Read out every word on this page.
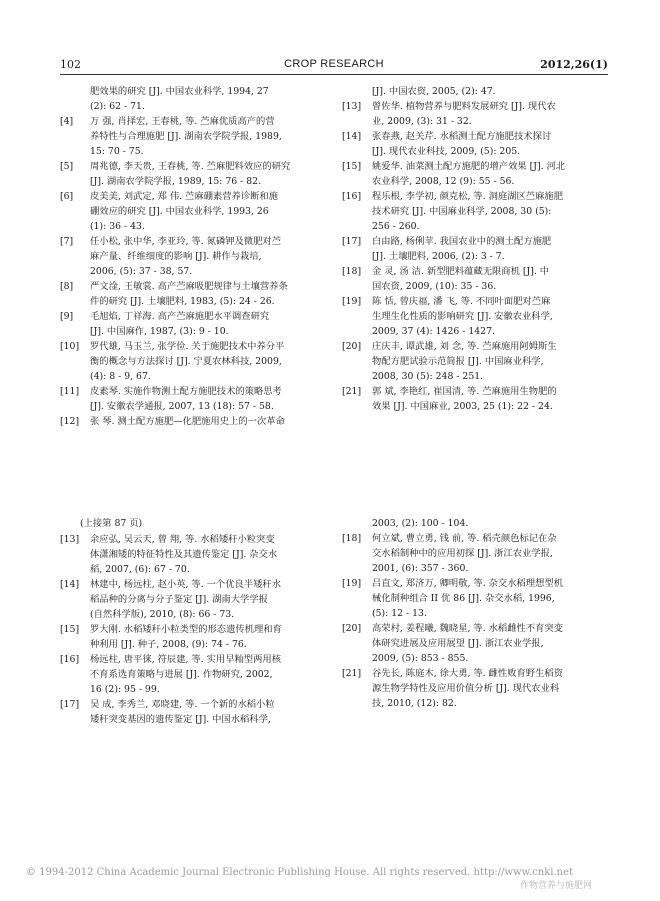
102	CROP RESEARCH	2012,26(1)
肥效果的研究 [J]. 中国农业科学, 1994, 27
(2): 62 - 71.
[4] 万 强, 肖择宏, 王春桃, 等. 苎麻优质高产的营
养特性与合理施肥 [J]. 湖南农学院学报, 1989,
15: 70 - 75.
[5] 周兆德, 李天贵, 王春桃, 等. 苎麻肥料效应的研究
[J]. 湖南农学院学报, 1989, 15: 76 - 82.
[6] 皮美美, 刘武定, 郑 伟. 苎麻硼素营养诊断和施
硼效应的研究 [J]. 中国农业科学, 1993, 26
(1): 36 - 43.
[7] 任小松, 张中华, 李亚玲, 等. 氮磷钾及微肥对苎
麻产量、纤维细度的影响 [J]. 耕作与栽培,
2006, (5): 37 - 38, 57.
[8] 严文淦, 王敏裳. 高产苎麻吸肥规律与土壤营养条
件的研究 [J]. 土壤肥料, 1983, (5): 24 - 26.
[9] 毛旭焰, 丁祥海. 高产苎麻施肥水平调查研究
[J]. 中国麻作, 1987, (3): 9 - 10.
[10] 罗代雄, 马玉兰, 张学俭. 关于施肥技术中养分平
衡的概念与方法探讨 [J]. 宁夏农林科技, 2009,
(4): 8 - 9, 67.
[11] 皮素琴. 实施作物测土配方施肥技术的策略思考
[J]. 安徽农学通报, 2007, 13 (18): 57 - 58.
[12] 张 琴. 测土配方施肥—化肥施用史上的一次革命
[J]. 中国农资, 2005, (2): 47.
[13] 曾佐华. 植物营养与肥料发展研究 [J]. 现代农
业, 2009, (3): 31 - 32.
[14] 张春燕, 赵关芹. 水稻测土配方施肥技术探讨
[J]. 现代农业科技, 2009, (5): 205.
[15] 姚爱华. 油菜测土配方施肥的增产效果 [J]. 河北
农业科学, 2008, 12 (9): 55 - 56.
[16] 程乐根, 李学初, 颜克松, 等. 洞庭湖区苎麻施肥
技术研究 [J]. 中国麻业科学, 2008, 30 (5):
256 - 260.
[17] 白由路, 杨俐苹. 我国农业中的测土配方施肥
[J]. 土壤肥料, 2006, (2): 3 - 7.
[18] 金 灵, 汤 洁. 新型肥料蕴藏无限商机 [J]. 中
国农资, 2009, (10): 35 - 36.
[19] 陈 恬, 曾庆福, 潘 飞, 等. 不同叶面肥对苎麻
生理生化性质的影响研究 [J]. 安徽农业科学,
2009, 37 (4): 1426 - 1427.
[20] 庄庆丰, 谭武雄, 刘 念, 等. 苎麻施用阿姆斯生
物配方肥试验示范简报 [J]. 中国麻业科学,
2008, 30 (5): 248 - 251.
[21] 郭 斌, 李艳红, 崔国清, 等. 苎麻施用生物肥的
效果 [J]. 中国麻业, 2003, 25 (1): 22 - 24.
(上接第 87 页)
[13] 余应弘, 吴云天, 曾 翔, 等. 水稻矮秆小粒突变
体潇湘矮的特征特性及其遗传鉴定 [J]. 杂交水
稻, 2007, (6): 67 - 70.
[14] 林建中, 杨远柱, 赵小英, 等. 一个优良半矮秆水
稻品种的分离与分子鉴定 [J]. 湖南大学学报
(自然科学版), 2010, (8): 66 - 73.
[15] 罗大刚. 水稻矮秆小粒类型的形态遗传机理和育
种利用 [J]. 种子, 2008, (9): 74 - 76.
[16] 杨远柱, 唐平徕, 符辰建, 等. 实用早籼型两用核
不育系选育策略与进展 [J]. 作物研究, 2002,
16 (2): 95 - 99.
[17] 吴 成, 李秀兰, 邓晓建, 等. 一个新的水稻小粒
矮秆突变基因的遗传鉴定 [J]. 中国水稻科学,
2003, (2): 100 - 104.
[18] 何立斌, 曹立勇, 钱 前, 等. 稻壳颜色标记在杂
交水稻制种中的应用初探 [J]. 浙江农业学报,
2001, (6): 357 - 360.
[19] 吕直文, 郑济万, 卿明敬, 等. 杂交水稻理想型机
械化制种组合 II 优 86 [J]. 杂交水稻, 1996,
(5): 12 - 13.
[20] 高荣村, 姜程曦, 魏晓星, 等. 水稻雌性不育突变
体研究进展及应用展望 [J]. 浙江农业学报,
2009, (5): 853 - 855.
[21] 谷先长, 陈庭木, 徐大勇, 等. 雌性败育野生稻资
源生物学特性及应用价值分析 [J]. 现代农业科
技, 2010, (12): 82.
© 1994-2012 China Academic Journal Electronic Publishing House. All rights reserved. http://www.cnki.net
作物营养与施肥网
